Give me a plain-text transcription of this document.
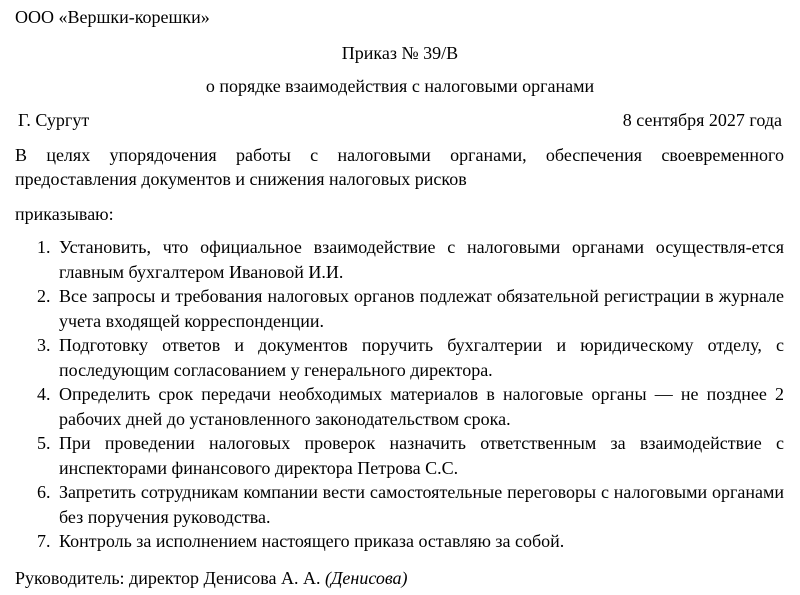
ООО «Вершки-корешки»
Приказ № 39/В
о порядке взаимодействия с налоговыми органами
Г. Сургут	8 сентября 2027 года
В целях упорядочения работы с налоговыми органами, обеспечения своевременного предоставления документов и снижения налоговых рисков
приказываю:
1. Установить, что официальное взаимодействие с налоговыми органами осуществля-ется главным бухгалтером Ивановой И.И.
2. Все запросы и требования налоговых органов подлежат обязательной регистрации в журнале учета входящей корреспонденции.
3. Подготовку ответов и документов поручить бухгалтерии и юридическому отделу, с последующим согласованием у генерального директора.
4. Определить срок передачи необходимых материалов в налоговые органы — не позднее 2 рабочих дней до установленного законодательством срока.
5. При проведении налоговых проверок назначить ответственным за взаимодействие с инспекторами финансового директора Петрова С.С.
6. Запретить сотрудникам компании вести самостоятельные переговоры с налоговыми органами без поручения руководства.
7. Контроль за исполнением настоящего приказа оставляю за собой.
Руководитель: директор Денисова А. А. (Денисова)
